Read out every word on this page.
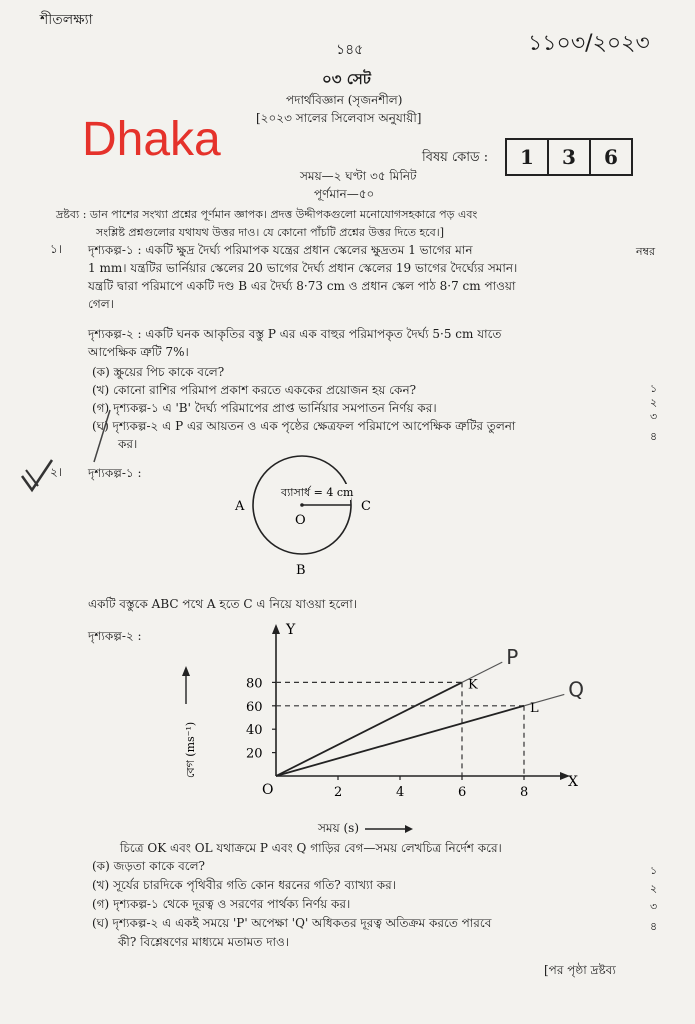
শীতলক্ষ্যা
১১০৩/২০২৩
১৪৫
০৩ সেট
পদার্থবিজ্ঞান (সৃজনশীল)
[২০২৩ সালের সিলেবাস অনুযায়ী]
Dhaka	বিষয় কোড :	1	3	6
সময়—২ ঘণ্টা ৩৫ মিনিট
পূর্ণমান—৫০
দ্রষ্টব্য : ডান পাশের সংখ্যা প্রশ্নের পূর্ণমান জ্ঞাপক। প্রদত্ত উদ্দীপকগুলো মনোযোগসহকারে পড় এবং
সংশ্লিষ্ট প্রশ্নগুলোর যথাযথ উত্তর দাও। যে কোনো পাঁচটি প্রশ্নের উত্তর দিতে হবে।]
নম্বর
১। দৃশ্যকল্প-১ : একটি ক্ষুদ্র দৈর্ঘ্য পরিমাপক যন্ত্রের প্রধান স্কেলের ক্ষুদ্রতম 1 ভাগের মান
1 mm। যন্ত্রটির ভার্নিয়ার স্কেলের 20 ভাগের দৈর্ঘ্য প্রধান স্কেলের 19 ভাগের দৈর্ঘ্যের সমান।
যন্ত্রটি দ্বারা পরিমাপে একটি দণ্ড B এর দৈর্ঘ্য 8·73 cm ও প্রধান স্কেল পাঠ 8·7 cm পাওয়া
গেল।
দৃশ্যকল্প-২ : একটি ঘনক আকৃতির বস্তু P এর এক বাহুর পরিমাপকৃত দৈর্ঘ্য 5·5 cm যাতে
আপেক্ষিক ত্রুটি 7%।
(ক) স্ক্রুয়ের পিচ কাকে বলে?
(খ) কোনো রাশির পরিমাপ প্রকাশ করতে এককের প্রয়োজন হয় কেন?
(গ) দৃশ্যকল্প-১ এ 'B' দৈর্ঘ্য পরিমাপের প্রাপ্ত ভার্নিয়ার সমপাতন নির্ণয় কর।
(ঘ) দৃশ্যকল্প-২ এ P এর আয়তন ও এক পৃষ্ঠের ক্ষেত্রফল পরিমাপে আপেক্ষিক ত্রুটির তুলনা
কর।
১
২
৩
৪
২। দৃশ্যকল্প-১ :
A	C
O
B
ব্যাসার্ধ = 4 cm
একটি বস্তুকে ABC পথে A হতে C এ নিয়ে যাওয়া হলো।
দৃশ্যকল্প-২ :	Y
X
O
বেগ (ms⁻¹)
2	4	6	8
20
40
60
80	K
P
L
Q
সময় (s)
চিত্রে OK এবং OL যথাক্রমে P এবং Q গাড়ির বেগ—সময় লেখচিত্র নির্দেশ করে।
(ক) জড়তা কাকে বলে?
(খ) সূর্যের চারদিকে পৃথিবীর গতি কোন ধরনের গতি? ব্যাখ্যা কর।
(গ) দৃশ্যকল্প-১ থেকে দূরত্ব ও সরণের পার্থক্য নির্ণয় কর।
(ঘ) দৃশ্যকল্প-২ এ একই সময়ে 'P' অপেক্ষা 'Q' অধিকতর দূরত্ব অতিক্রম করতে পারবে
কী? বিশ্লেষণের মাধ্যমে মতামত দাও।
১
২
৩
৪
[পর পৃষ্ঠা দ্রষ্টব্য
